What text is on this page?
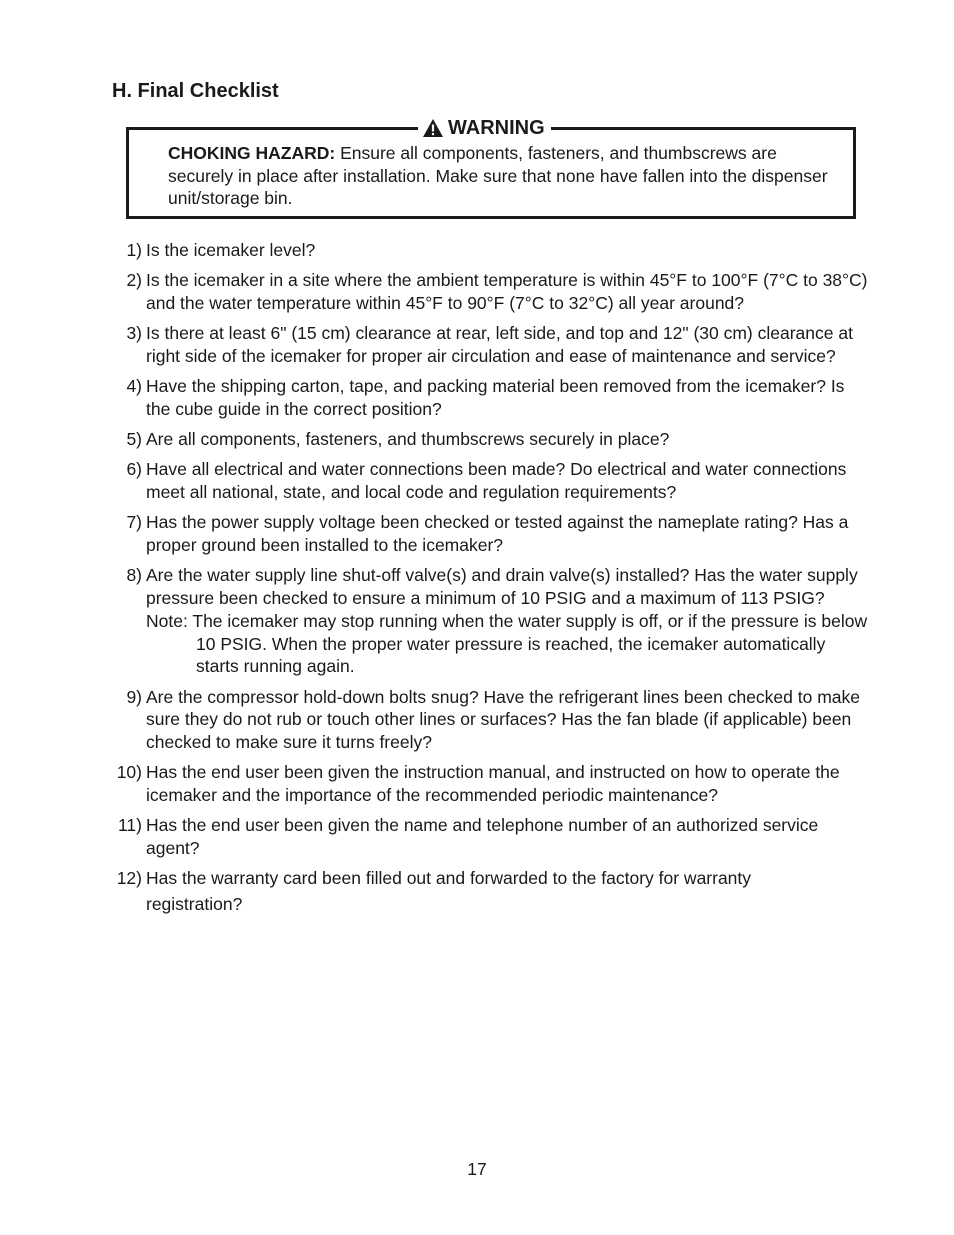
H. Final Checklist
WARNING

CHOKING HAZARD: Ensure all components, fasteners, and thumbscrews are securely in place after installation. Make sure that none have fallen into the dispenser unit/storage bin.

1) Is the icemaker level?
2) Is the icemaker in a site where the ambient temperature is within 45°F to 100°F (7°C to 38°C) and the water temperature within 45°F to 90°F (7°C to 32°C) all year around?
3) Is there at least 6" (15 cm) clearance at rear, left side, and top and 12" (30 cm) clearance at right side of the icemaker for proper air circulation and ease of maintenance and service?
4) Have the shipping carton, tape, and packing material been removed from the icemaker? Is the cube guide in the correct position?
5) Are all components, fasteners, and thumbscrews securely in place?
6) Have all electrical and water connections been made? Do electrical and water connections meet all national, state, and local code and regulation requirements?
7) Has the power supply voltage been checked or tested against the nameplate rating? Has a proper ground been installed to the icemaker?
8) Are the water supply line shut-off valve(s) and drain valve(s) installed? Has the water supply pressure been checked to ensure a minimum of 10 PSIG and a maximum of 113 PSIG?
Note: The icemaker may stop running when the water supply is off, or if the pressure is below 10 PSIG. When the proper water pressure is reached, the icemaker automatically starts running again.
9) Are the compressor hold-down bolts snug? Have the refrigerant lines been checked to make sure they do not rub or touch other lines or surfaces? Has the fan blade (if applicable) been checked to make sure it turns freely?
10) Has the end user been given the instruction manual, and instructed on how to operate the icemaker and the importance of the recommended periodic maintenance?
11) Has the end user been given the name and telephone number of an authorized service agent?
12) Has the warranty card been filled out and forwarded to the factory for warranty
registration?
17
